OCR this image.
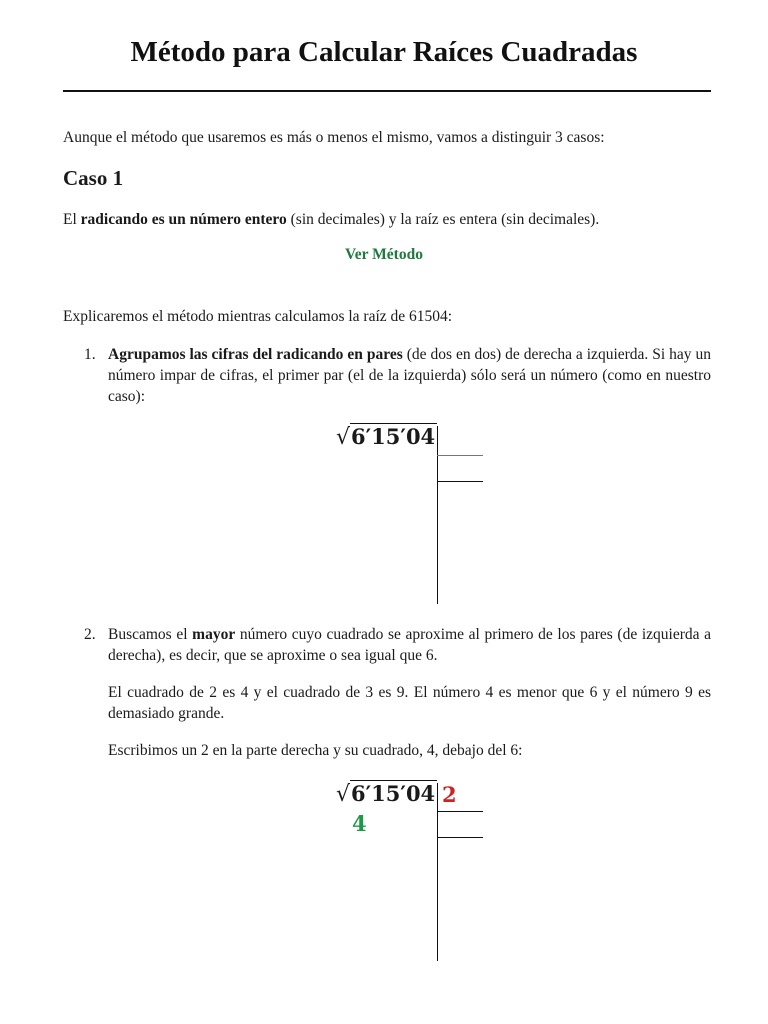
Método para Calcular Raíces Cuadradas
Aunque el método que usaremos es más o menos el mismo, vamos a distinguir 3 casos:
Caso 1
El radicando es un número entero (sin decimales) y la raíz es entera (sin decimales).
Ver Método
Explicaremos el método mientras calculamos la raíz de 61504:
1. Agrupamos las cifras del radicando en pares (de dos en dos) de derecha a izquierda. Si hay un número impar de cifras, el primer par (el de la izquierda) sólo será un número (como en nuestro caso):
√6′15′04
2. Buscamos el mayor número cuyo cuadrado se aproxime al primero de los pares (de izquierda a derecha), es decir, que se aproxime o sea igual que 6.
El cuadrado de 2 es 4 y el cuadrado de 3 es 9. El número 4 es menor que 6 y el número 9 es demasiado grande.
Escribimos un 2 en la parte derecha y su cuadrado, 4, debajo del 6:
√6′15′04 2
4
